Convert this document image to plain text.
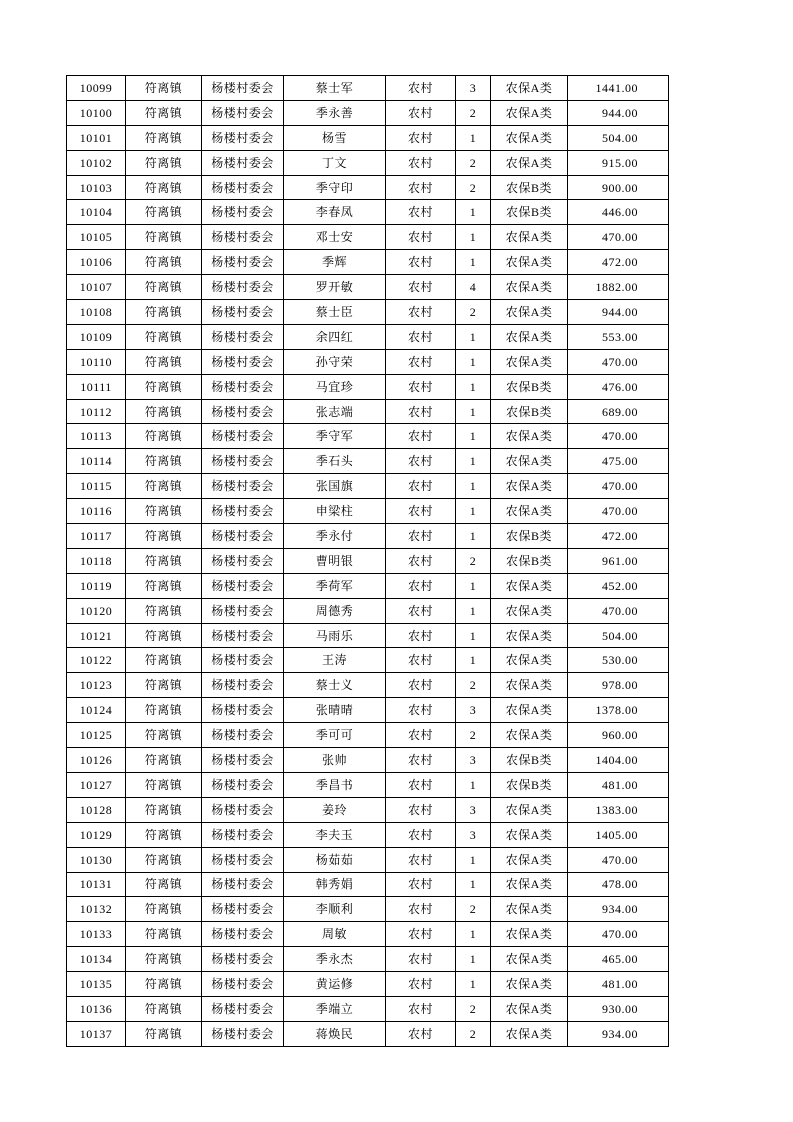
10099	符离镇	杨楼村委会	蔡士军	农村	3	农保A类	1441.00
10100	符离镇	杨楼村委会	季永善	农村	2	农保A类	944.00
10101	符离镇	杨楼村委会	杨雪	农村	1	农保A类	504.00
10102	符离镇	杨楼村委会	丁文	农村	2	农保A类	915.00
10103	符离镇	杨楼村委会	季守印	农村	2	农保B类	900.00
10104	符离镇	杨楼村委会	李春凤	农村	1	农保B类	446.00
10105	符离镇	杨楼村委会	邓士安	农村	1	农保A类	470.00
10106	符离镇	杨楼村委会	季辉	农村	1	农保A类	472.00
10107	符离镇	杨楼村委会	罗开敏	农村	4	农保A类	1882.00
10108	符离镇	杨楼村委会	蔡士臣	农村	2	农保A类	944.00
10109	符离镇	杨楼村委会	余四红	农村	1	农保A类	553.00
10110	符离镇	杨楼村委会	孙守荣	农村	1	农保A类	470.00
10111	符离镇	杨楼村委会	马宜珍	农村	1	农保B类	476.00
10112	符离镇	杨楼村委会	张志端	农村	1	农保B类	689.00
10113	符离镇	杨楼村委会	季守军	农村	1	农保A类	470.00
10114	符离镇	杨楼村委会	季石头	农村	1	农保A类	475.00
10115	符离镇	杨楼村委会	张国旗	农村	1	农保A类	470.00
10116	符离镇	杨楼村委会	申梁柱	农村	1	农保A类	470.00
10117	符离镇	杨楼村委会	季永付	农村	1	农保B类	472.00
10118	符离镇	杨楼村委会	曹明银	农村	2	农保B类	961.00
10119	符离镇	杨楼村委会	季荷军	农村	1	农保A类	452.00
10120	符离镇	杨楼村委会	周德秀	农村	1	农保A类	470.00
10121	符离镇	杨楼村委会	马雨乐	农村	1	农保A类	504.00
10122	符离镇	杨楼村委会	王涛	农村	1	农保A类	530.00
10123	符离镇	杨楼村委会	蔡士义	农村	2	农保A类	978.00
10124	符离镇	杨楼村委会	张晴晴	农村	3	农保A类	1378.00
10125	符离镇	杨楼村委会	季可可	农村	2	农保A类	960.00
10126	符离镇	杨楼村委会	张帅	农村	3	农保B类	1404.00
10127	符离镇	杨楼村委会	季昌书	农村	1	农保B类	481.00
10128	符离镇	杨楼村委会	姜玲	农村	3	农保A类	1383.00
10129	符离镇	杨楼村委会	李夫玉	农村	3	农保A类	1405.00
10130	符离镇	杨楼村委会	杨茹茹	农村	1	农保A类	470.00
10131	符离镇	杨楼村委会	韩秀娟	农村	1	农保A类	478.00
10132	符离镇	杨楼村委会	李顺利	农村	2	农保A类	934.00
10133	符离镇	杨楼村委会	周敏	农村	1	农保A类	470.00
10134	符离镇	杨楼村委会	季永杰	农村	1	农保A类	465.00
10135	符离镇	杨楼村委会	黄运修	农村	1	农保A类	481.00
10136	符离镇	杨楼村委会	季端立	农村	2	农保A类	930.00
10137	符离镇	杨楼村委会	蒋焕民	农村	2	农保A类	934.00
